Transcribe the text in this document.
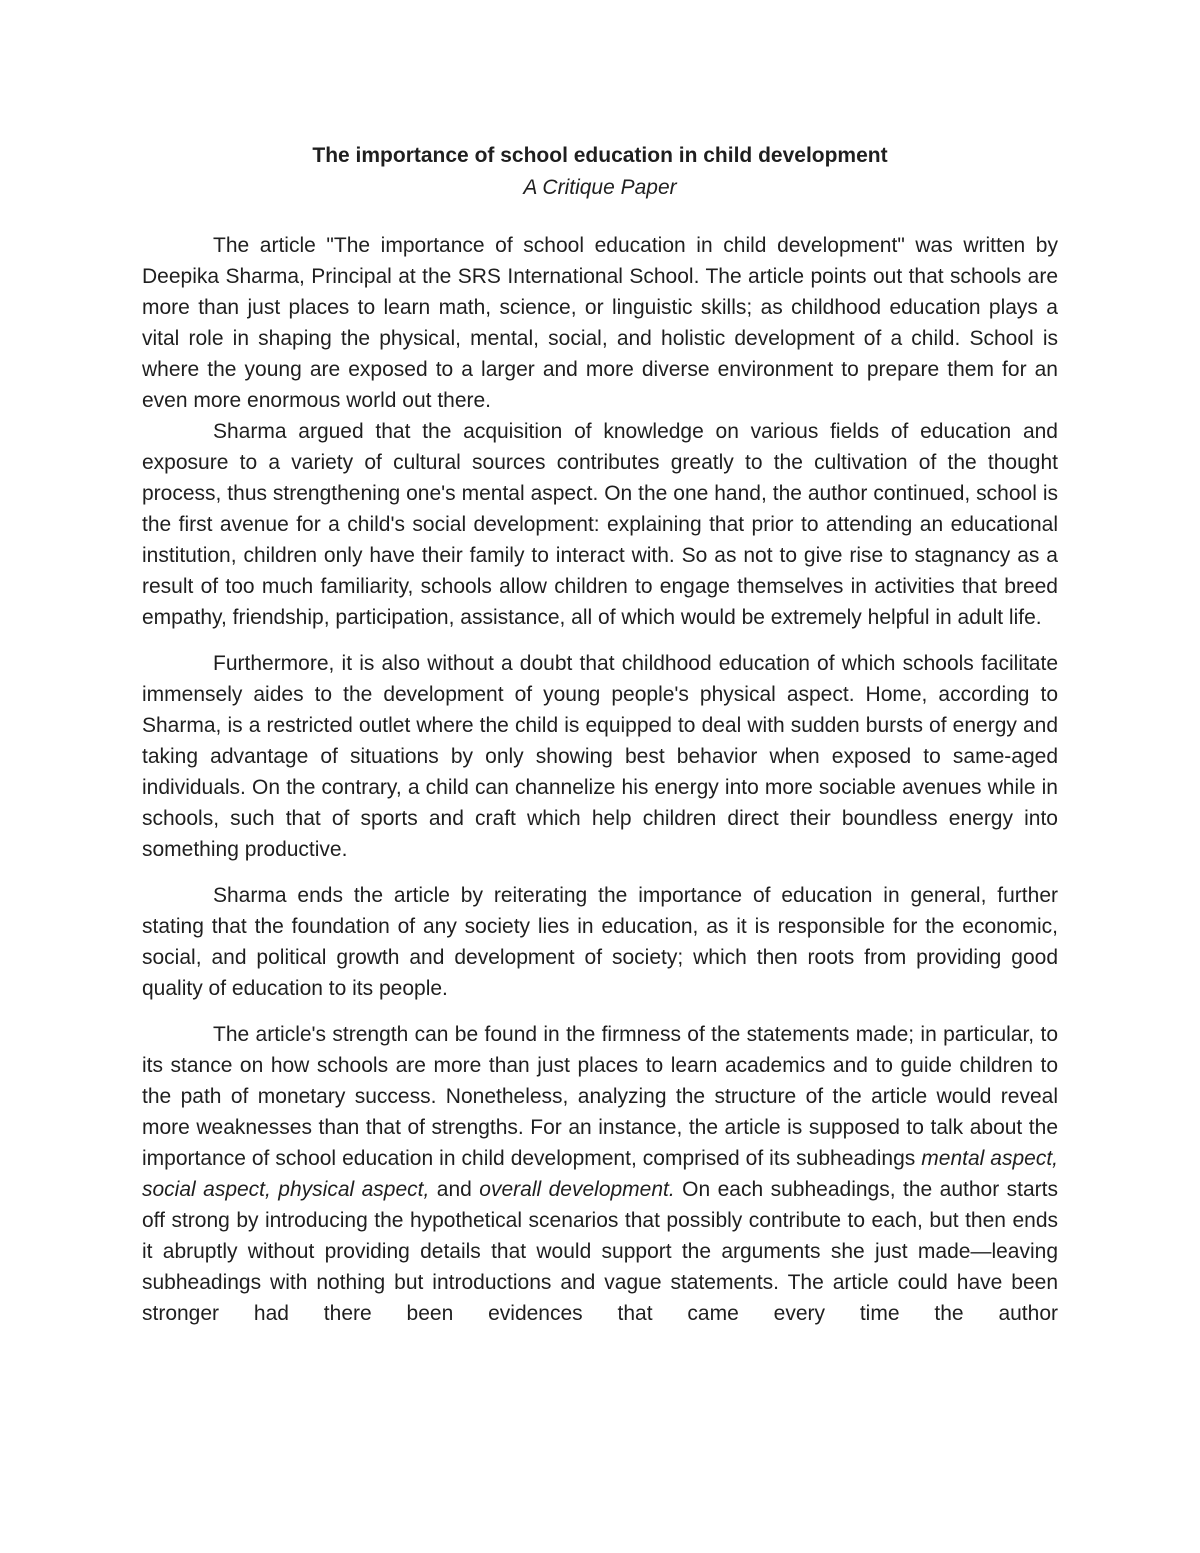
The importance of school education in child development

A Critique Paper

The article "The importance of school education in child development" was written by Deepika Sharma, Principal at the SRS International School. The article points out that schools are more than just places to learn math, science, or linguistic skills; as childhood education plays a vital role in shaping the physical, mental, social, and holistic development of a child. School is where the young are exposed to a larger and more diverse environment to prepare them for an even more enormous world out there.

Sharma argued that the acquisition of knowledge on various fields of education and exposure to a variety of cultural sources contributes greatly to the cultivation of the thought process, thus strengthening one's mental aspect. On the one hand, the author continued, school is the first avenue for a child's social development: explaining that prior to attending an educational institution, children only have their family to interact with. So as not to give rise to stagnancy as a result of too much familiarity, schools allow children to engage themselves in activities that breed empathy, friendship, participation, assistance, all of which would be extremely helpful in adult life.

Furthermore, it is also without a doubt that childhood education of which schools facilitate immensely aides to the development of young people's physical aspect. Home, according to Sharma, is a restricted outlet where the child is equipped to deal with sudden bursts of energy and taking advantage of situations by only showing best behavior when exposed to same-aged individuals. On the contrary, a child can channelize his energy into more sociable avenues while in schools, such that of sports and craft which help children direct their boundless energy into something productive.

Sharma ends the article by reiterating the importance of education in general, further stating that the foundation of any society lies in education, as it is responsible for the economic, social, and political growth and development of society; which then roots from providing good quality of education to its people.

The article's strength can be found in the firmness of the statements made; in particular, to its stance on how schools are more than just places to learn academics and to guide children to the path of monetary success. Nonetheless, analyzing the structure of the article would reveal more weaknesses than that of strengths. For an instance, the article is supposed to talk about the importance of school education in child development, comprised of its subheadings mental aspect, social aspect, physical aspect, and overall development. On each subheadings, the author starts off strong by introducing the hypothetical scenarios that possibly contribute to each, but then ends it abruptly without providing details that would support the arguments she just made—leaving subheadings with nothing but introductions and vague statements. The article could have been stronger had there been evidences that came every time the author
